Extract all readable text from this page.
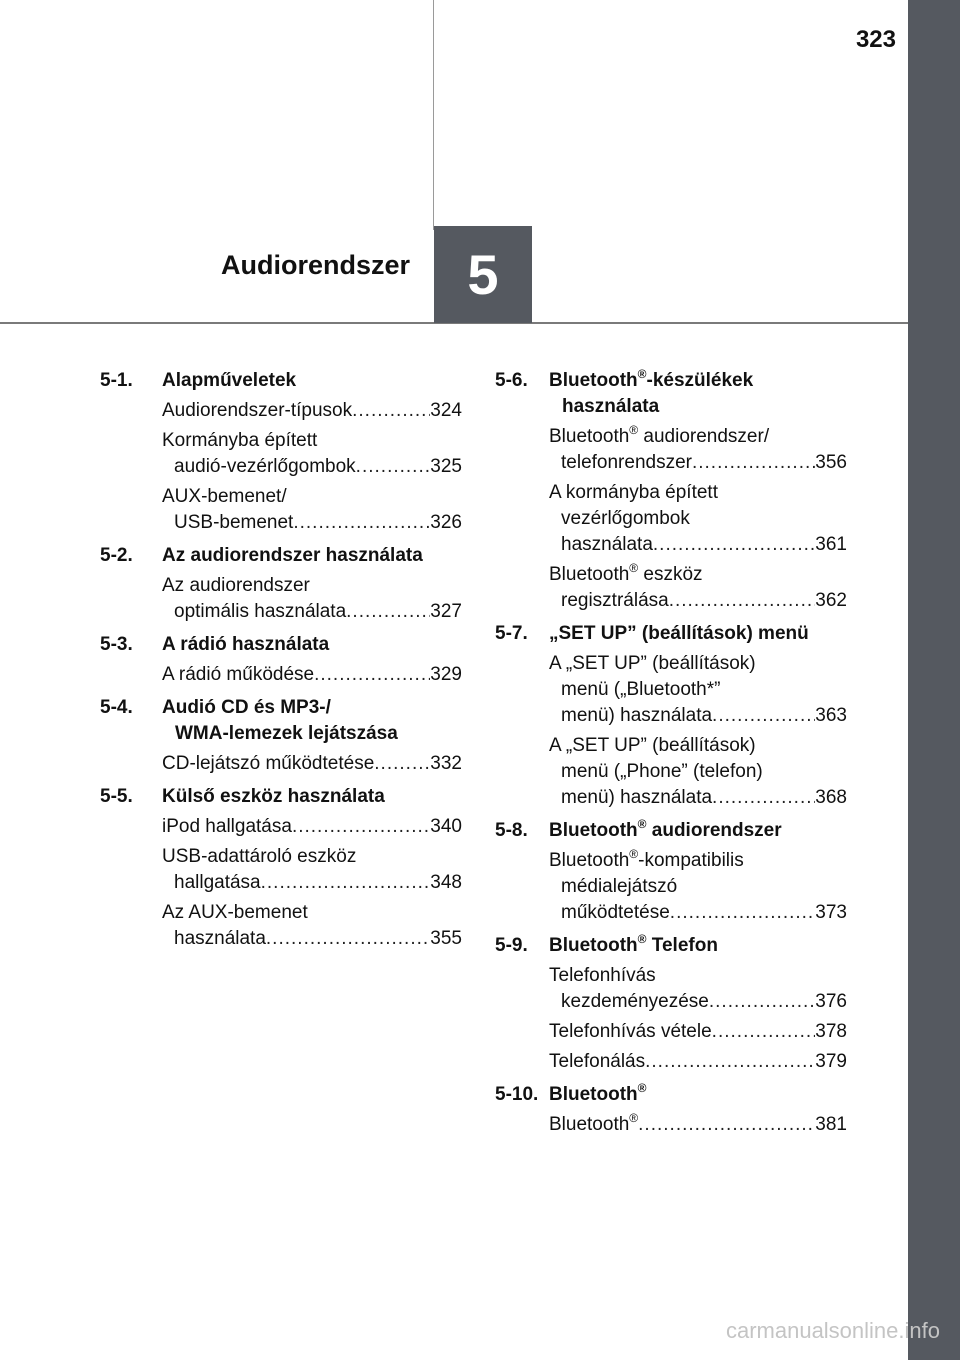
323
Audiorendszer	5
5-1.	Alapműveletek
Audiorendszer-típusok .....	324
Kormányba épített
audió-vezérlőgombok .....	325
AUX-bemenet/
USB-bemenet .....	326
5-2.	Az audiorendszer használata
Az audiorendszer
optimális használata .....	327
5-3.	A rádió használata
A rádió működése .....	329
5-4.	Audió CD és MP3-/
WMA-lemezek lejátszása
CD-lejátszó működtetése .....	332
5-5.	Külső eszköz használata
iPod hallgatása .....	340
USB-adattároló eszköz
hallgatása .....	348
Az AUX-bemenet
használata .....	355
5-6.	Bluetooth®-készülékek
használata
Bluetooth® audiorendszer/
telefonrendszer .....	356
A kormányba épített
vezérlőgombok
használata .....	361
Bluetooth® eszköz
regisztrálása .....	362
5-7.	„SET UP” (beállítások) menü
A „SET UP” (beállítások)
menü („Bluetooth*”
menü) használata .....	363
A „SET UP” (beállítások)
menü („Phone” (telefon)
menü) használata .....	368
5-8.	Bluetooth® audiorendszer
Bluetooth®-kompatibilis
médialejátszó
működtetése .....	373
5-9.	Bluetooth® Telefon
Telefonhívás
kezdeményezése .....	376
Telefonhívás vétele .....	378
Telefonálás .....	379
5-10. Bluetooth®
Bluetooth® .....	381
carmanualsonline.info
